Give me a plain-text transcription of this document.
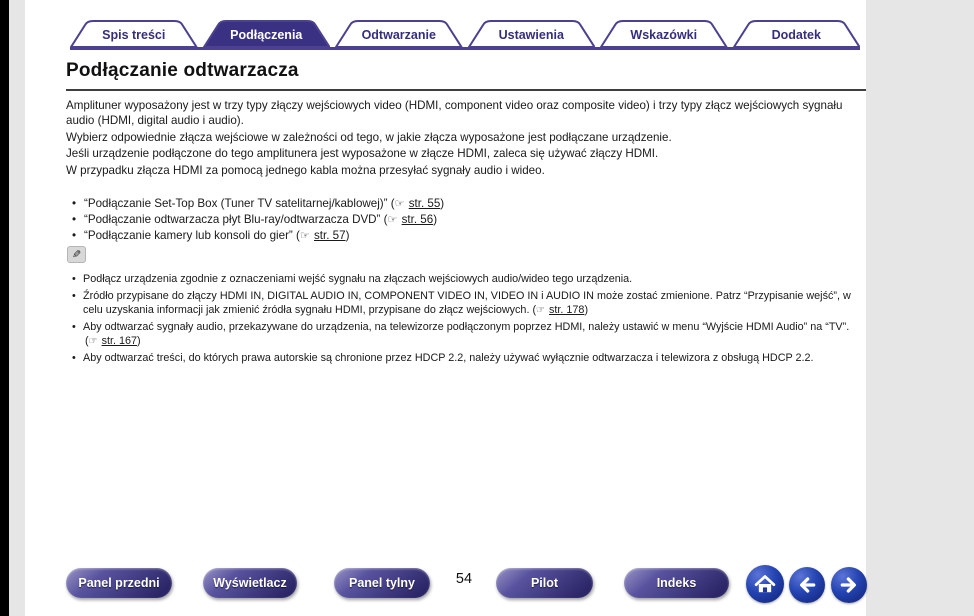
Spis treści	Podłączenia	Odtwarzanie	Ustawienia	Wskazówki	Dodatek
Podłączanie odtwarzacza

Amplituner wyposażony jest w trzy typy złączy wejściowych video (HDMI, component video oraz composite video) i trzy typy złącz wejściowych sygnału audio (HDMI, digital audio i audio).

Wybierz odpowiednie złącza wejściowe w zależności od tego, w jakie złącza wyposażone jest podłączane urządzenie.

Jeśli urządzenie podłączone do tego amplitunera jest wyposażone w złącze HDMI, zaleca się używać złączy HDMI.

W przypadku złącza HDMI za pomocą jednego kabla można przesyłać sygnały audio i wideo.

• “Podłączanie Set-Top Box (Tuner TV satelitarnej/kablowej)” (☞ str. 55)
• “Podłączanie odtwarzacza płyt Blu-ray/odtwarzacza DVD” (☞ str. 56)
• “Podłączanie kamery lub konsoli do gier” (☞ str. 57)
✎
• Podłącz urządzenia zgodnie z oznaczeniami wejść sygnału na złączach wejściowych audio/wideo tego urządzenia.
• Źródło przypisane do złączy HDMI IN, DIGITAL AUDIO IN, COMPONENT VIDEO IN, VIDEO IN i AUDIO IN może zostać zmienione. Patrz “Przypisanie wejść”, w celu uzyskania informacji jak zmienić źródła sygnału HDMI, przypisane do złącz wejściowych. (☞ str. 178)
• Aby odtwarzać sygnały audio, przekazywane do urządzenia, na telewizorze podłączonym poprzez HDMI, należy ustawić w menu “Wyjście HDMI Audio” na “TV”.
(☞ str. 167)
• Aby odtwarzać treści, do których prawa autorskie są chronione przez HDCP 2.2, należy używać wyłącznie odtwarzacza i telewizora z obsługą HDCP 2.2.
Panel przedni	Wyświetlacz	Panel tylny	54	Pilot	Indeks
